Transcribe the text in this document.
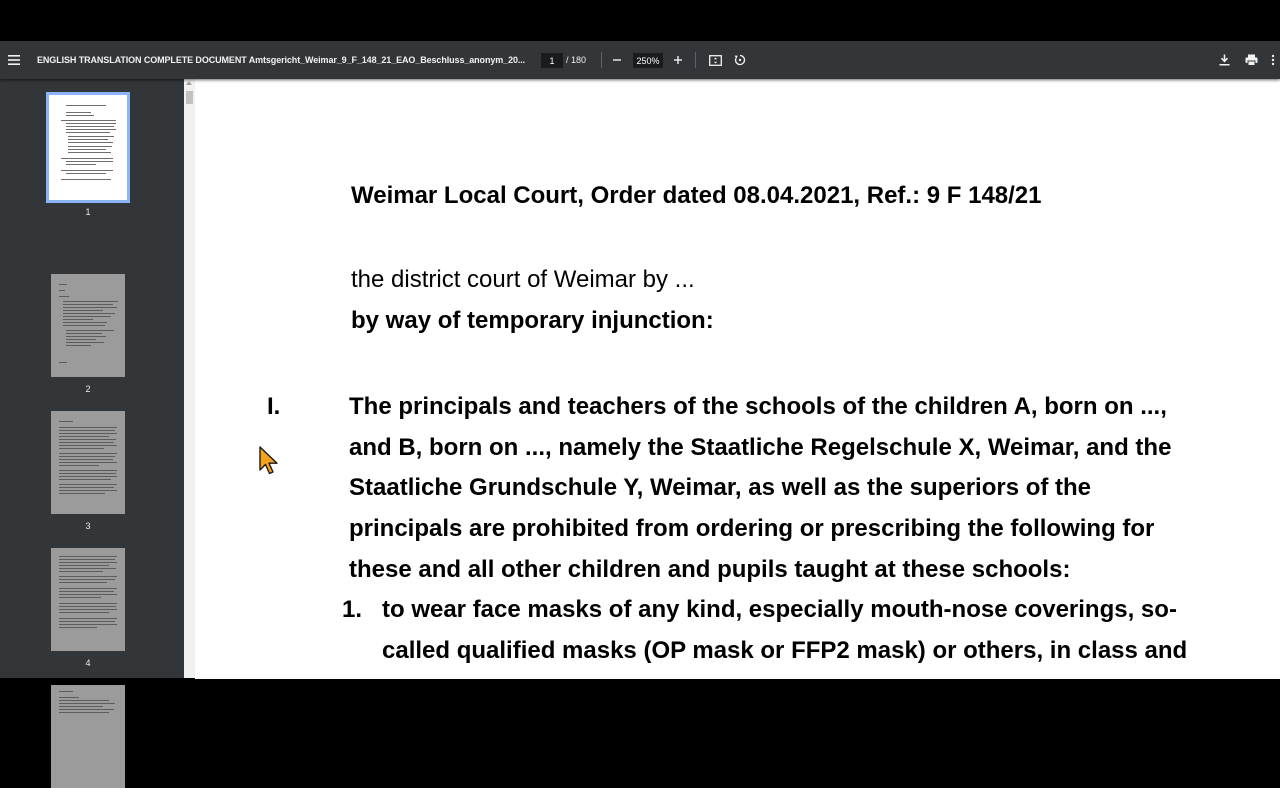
ENGLISH TRANSLATION COMPLETE DOCUMENT Amtsgericht_Weimar_9_F_148_21_EAO_Beschluss_anonym_20...	1	/ 180	250%
1
2
3
4
Weimar Local Court, Order dated 08.04.2021, Ref.: 9 F 148/21
the district court of Weimar by ...
by way of temporary injunction:
I.	The principals and teachers of the schools of the children A, born on ...,
and B, born on ..., namely the Staatliche Regelschule X, Weimar, and the
Staatliche Grundschule Y, Weimar, as well as the superiors of the
principals are prohibited from ordering or prescribing the following for
these and all other children and pupils taught at these schools:
1. to wear face masks of any kind, especially mouth-nose coverings, so-
called qualified masks (OP mask or FFP2 mask) or others, in class and
on school premises,
